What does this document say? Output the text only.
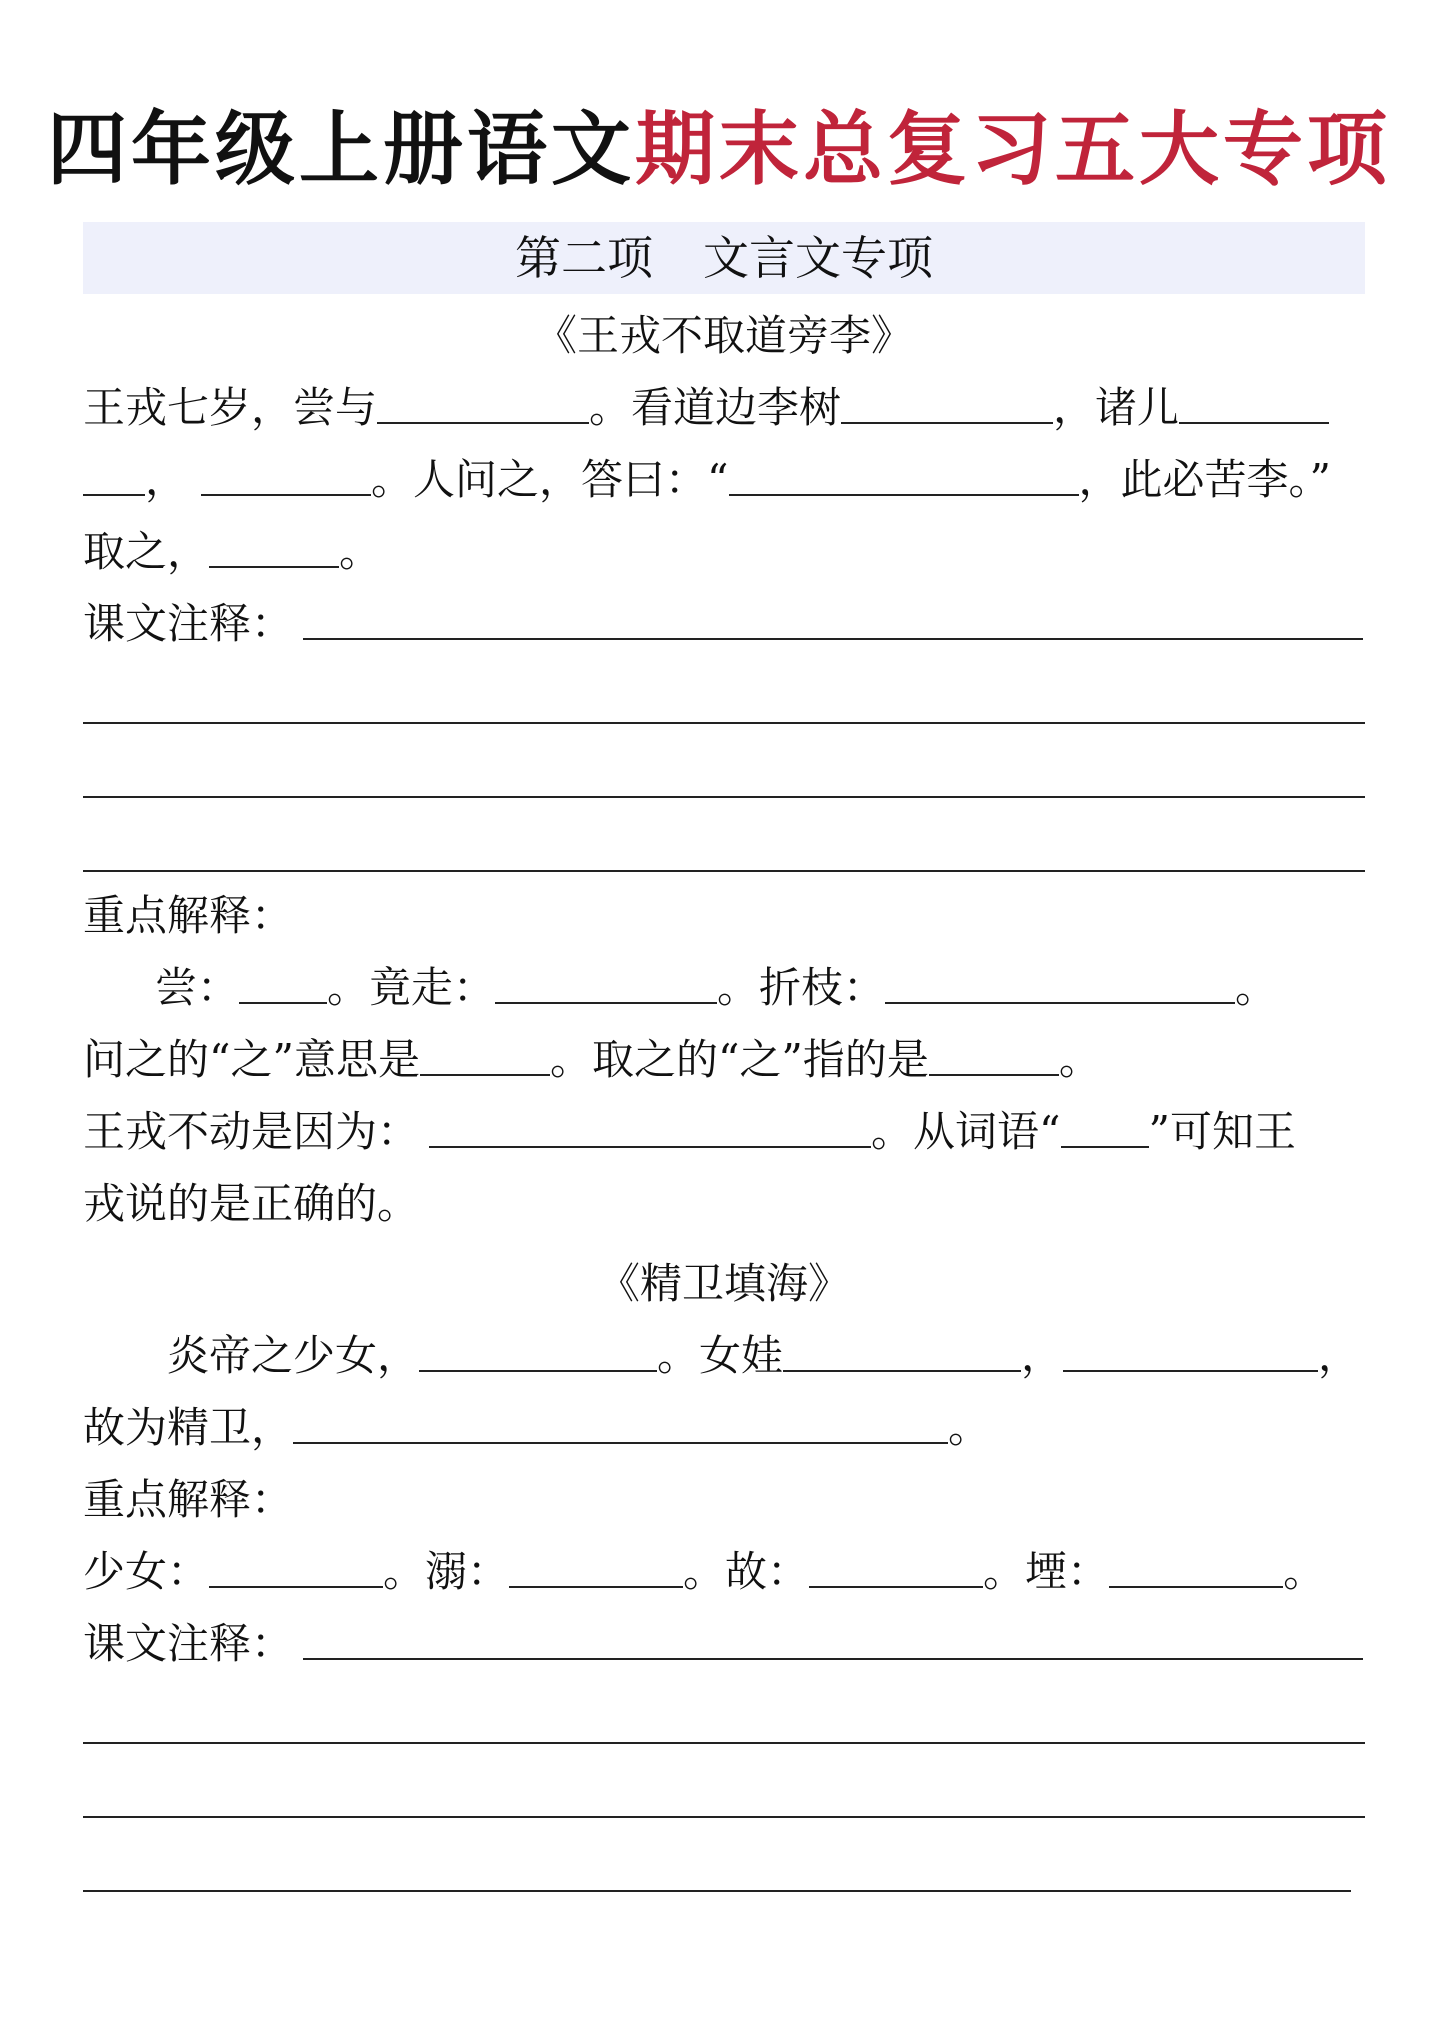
四年级上册语文期末总复习五大专项
第二项 文言文专项
《王戎不取道旁李》
王戎七岁，尝与	。看道边李树	，诸儿
，	。人问之，答曰：“	，此必苦李。”
取之，	。
课文注释：
重点解释：
尝： 。竟走：	。折枝：	。
问之的“之”意思是	。取之的“之”指的是	。
王戎不动是因为：	。从词语“ ”可知王
戎说的是正确的。
《精卫填海》
炎帝之少女，	。女娃	，	，
故为精卫，	。
重点解释：
少女：	。溺：	。故：	。堙：	。
课文注释：
